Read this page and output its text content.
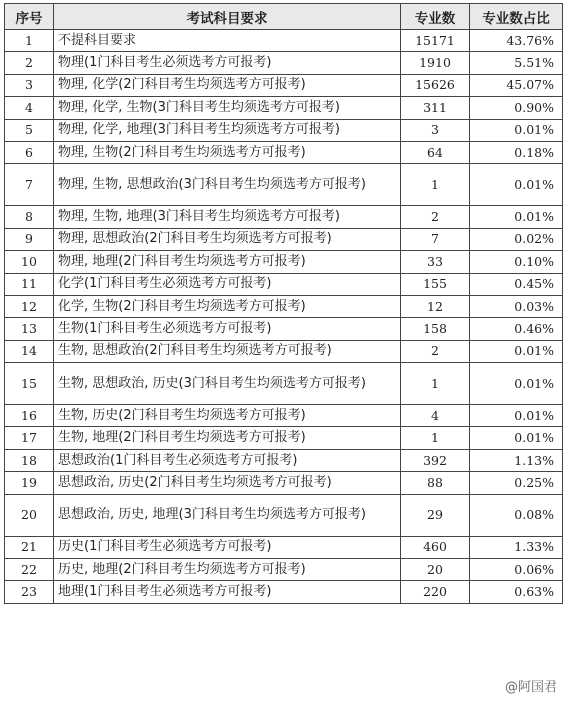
序号	考试科目要求	专业数	专业数占比
1	不提科目要求	15171	43.76%
2	物理(1门科目考生必须选考方可报考)	1910	5.51%
3	物理, 化学(2门科目考生均须选考方可报考)	15626	45.07%
4	物理, 化学, 生物(3门科目考生均须选考方可报考)	311	0.90%
5	物理, 化学, 地理(3门科目考生均须选考方可报考)	3	0.01%
6	物理, 生物(2门科目考生均须选考方可报考)	64	0.18%
7	物理, 生物, 思想政治(3门科目考生均须选考方可报考)	1	0.01%
8	物理, 生物, 地理(3门科目考生均须选考方可报考)	2	0.01%
9	物理, 思想政治(2门科目考生均须选考方可报考)	7	0.02%
10	物理, 地理(2门科目考生均须选考方可报考)	33	0.10%
11	化学(1门科目考生必须选考方可报考)	155	0.45%
12	化学, 生物(2门科目考生均须选考方可报考)	12	0.03%
13	生物(1门科目考生必须选考方可报考)	158	0.46%
14	生物, 思想政治(2门科目考生均须选考方可报考)	2	0.01%
15	生物, 思想政治, 历史(3门科目考生均须选考方可报考)	1	0.01%
16	生物, 历史(2门科目考生均须选考方可报考)	4	0.01%
17	生物, 地理(2门科目考生均须选考方可报考)	1	0.01%
18	思想政治(1门科目考生必须选考方可报考)	392	1.13%
19	思想政治, 历史(2门科目考生均须选考方可报考)	88	0.25%
20	思想政治, 历史, 地理(3门科目考生均须选考方可报考)	29	0.08%
21	历史(1门科目考生必须选考方可报考)	460	1.33%
22	历史, 地理(2门科目考生均须选考方可报考)	20	0.06%
23	地理(1门科目考生必须选考方可报考)	220	0.63%
@阿国君
